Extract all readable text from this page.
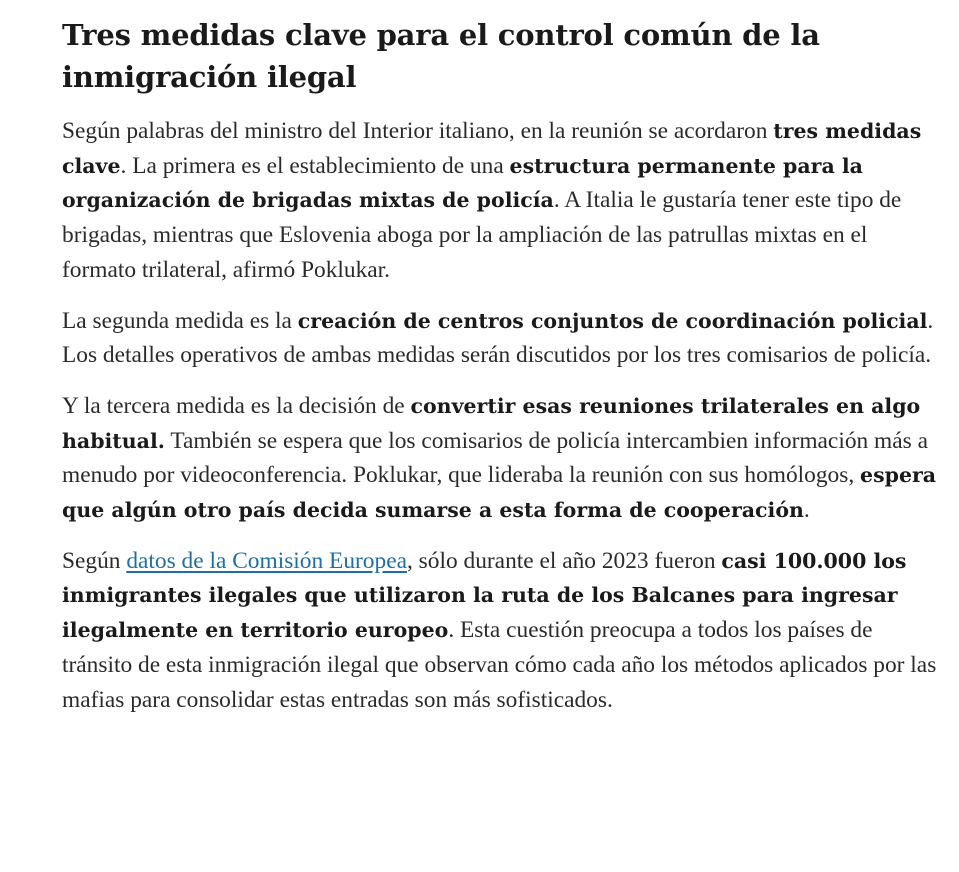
Tres medidas clave para el control común de la inmigración ilegal

Según palabras del ministro del Interior italiano, en la reunión se acordaron tres medidas clave. La primera es el establecimiento de una estructura permanente para la organización de brigadas mixtas de policía. A Italia le gustaría tener este tipo de brigadas, mientras que Eslovenia aboga por la ampliación de las patrullas mixtas en el formato trilateral, afirmó Poklukar.

La segunda medida es la creación de centros conjuntos de coordinación policial. Los detalles operativos de ambas medidas serán discutidos por los tres comisarios de policía.

Y la tercera medida es la decisión de convertir esas reuniones trilaterales en algo habitual. También se espera que los comisarios de policía intercambien información más a menudo por videoconferencia. Poklukar, que lideraba la reunión con sus homólogos, espera que algún otro país decida sumarse a esta forma de cooperación.

Según datos de la Comisión Europea, sólo durante el año 2023 fueron casi 100.000 los inmigrantes ilegales que utilizaron la ruta de los Balcanes para ingresar ilegalmente en territorio europeo. Esta cuestión preocupa a todos los países de tránsito de esta inmigración ilegal que observan cómo cada año los métodos aplicados por las mafias para consolidar estas entradas son más sofisticados.
